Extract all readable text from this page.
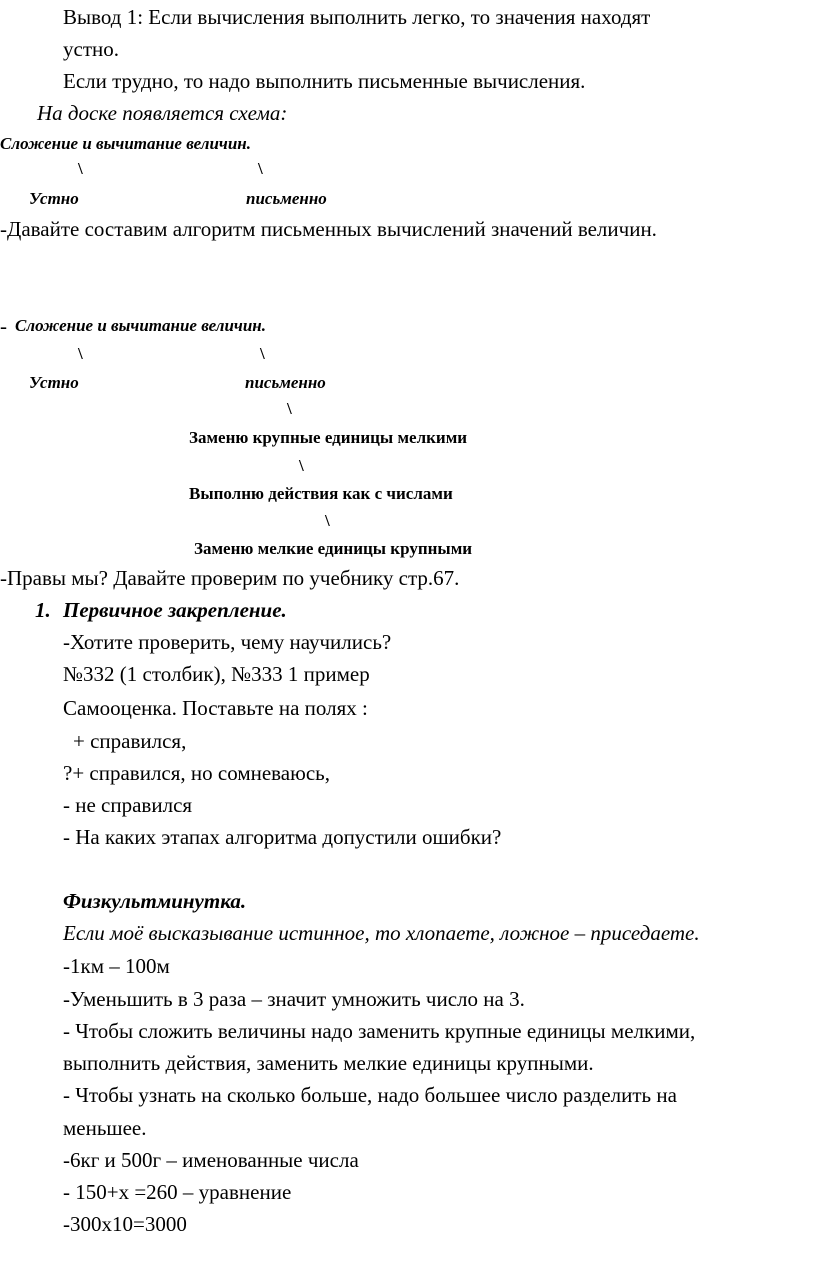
Вывод 1: Если вычисления выполнить легко, то значения находят
устно.
Если трудно, то надо выполнить письменные вычисления.
На доске появляется схема:
Сложение и вычитание величин.
\	\
Устно	письменно
-Давайте составим алгоритм письменных вычислений значений величин.
- Сложение и вычитание величин.
\	\
Устно	письменно
\
Заменю крупные единицы мелкими
\
Выполню действия как с числами
\
Заменю мелкие единицы крупными
-Правы мы? Давайте проверим по учебнику стр.67.
1. Первичное закрепление.
-Хотите проверить, чему научились?
№332 (1 столбик), №333 1 пример
Самооценка. Поставьте на полях :
+ справился,
?+ справился, но сомневаюсь,
- не справился
- На каких этапах алгоритма допустили ошибки?
Физкультминутка.
Если моё высказывание истинное, то хлопаете, ложное – приседаете.
-1км – 100м
-Уменьшить в 3 раза – значит умножить число на 3.
- Чтобы сложить величины надо заменить крупные единицы мелкими,
выполнить действия, заменить мелкие единицы крупными.
- Чтобы узнать на сколько больше, надо большее число разделить на
меньшее.
-6кг и 500г – именованные числа
- 150+х =260 – уравнение
-300х10=3000
